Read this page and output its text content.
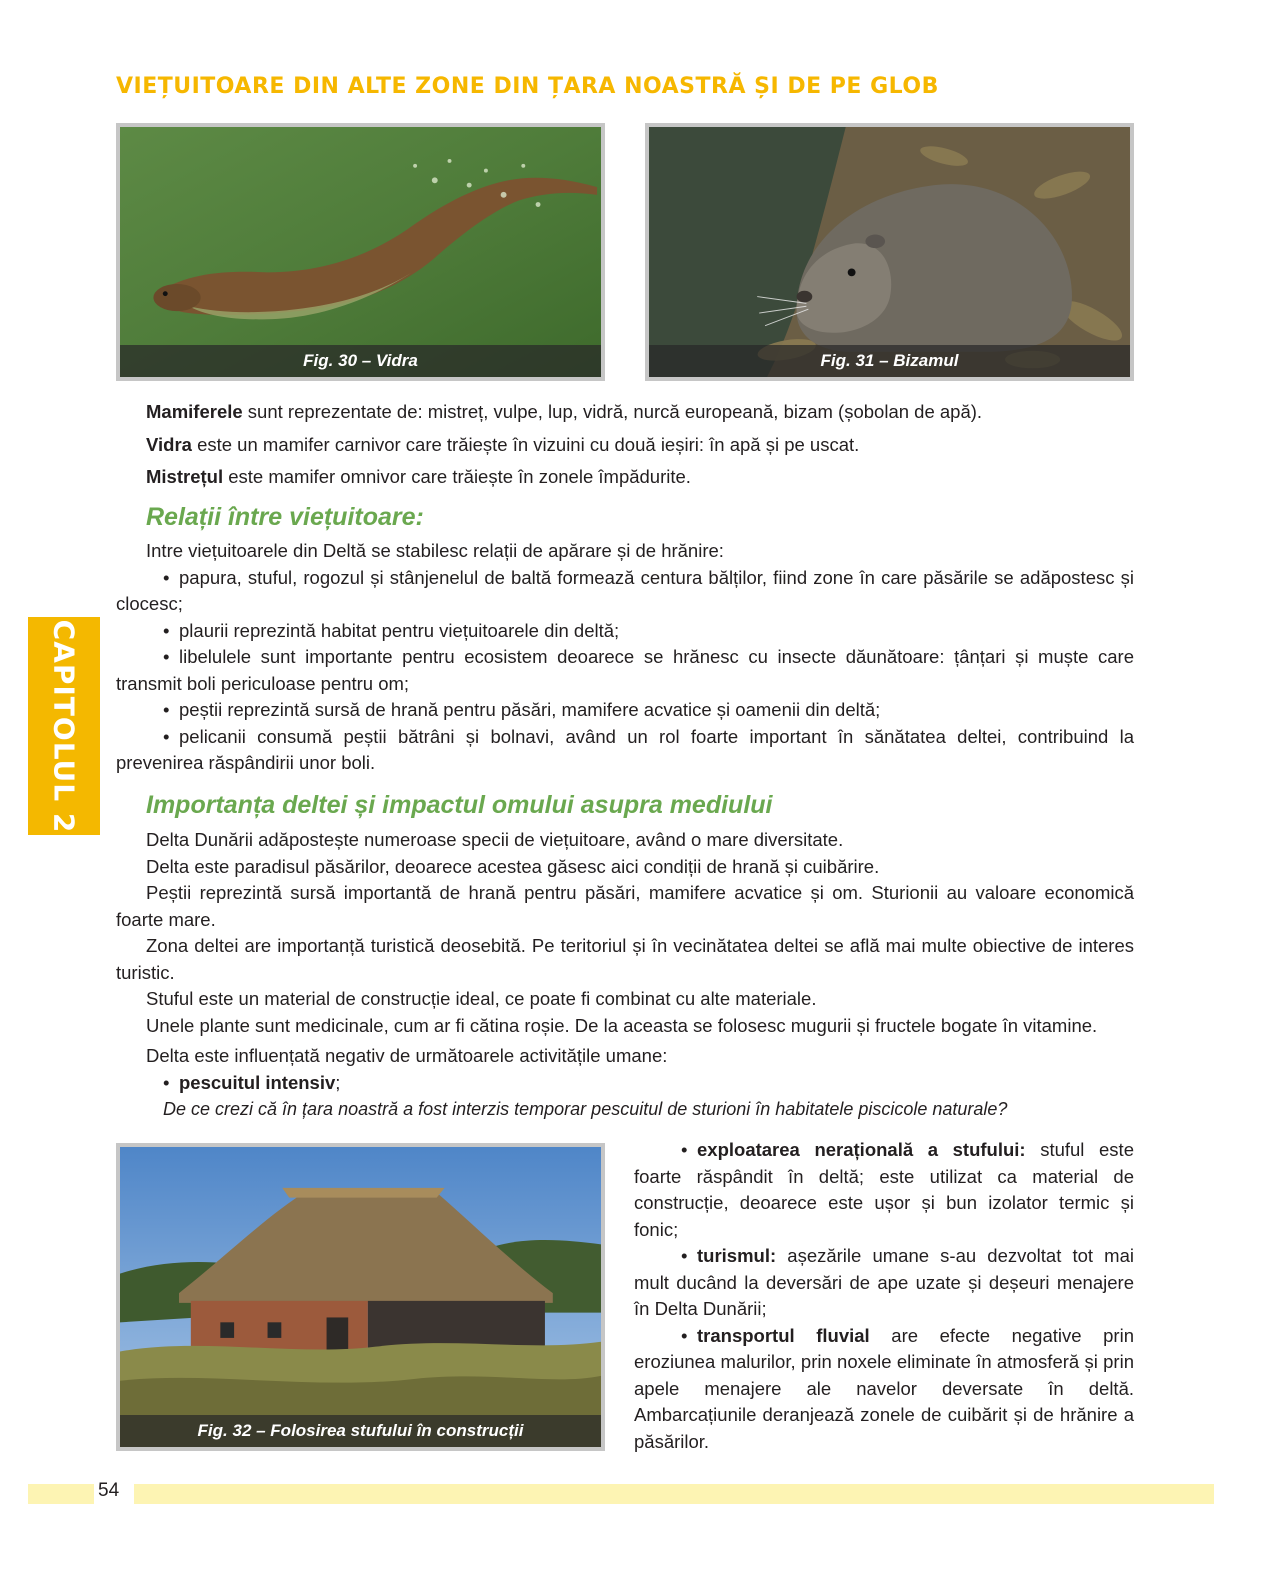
VIEȚUITOARE DIN ALTE ZONE DIN ȚARA NOASTRĂ ȘI DE PE GLOB
Fig. 30 – Vidra	Fig. 31 – Bizamul

Mamiferele sunt reprezentate de: mistreț, vulpe, lup, vidră, nurcă europeană, bizam (șobolan de apă).

Vidra este un mamifer carnivor care trăiește în vizuini cu două ieșiri: în apă și pe uscat.

Mistrețul este mamifer omnivor care trăiește în zonele împădurite.

Relații între viețuitoare:

Intre viețuitoarele din Deltă se stabilesc relații de apărare și de hrănire:

• papura, stuful, rogozul și stânjenelul de baltă formează centura bălților, fiind zone în care păsările se adăpostesc și clocesc;

• plaurii reprezintă habitat pentru viețuitoarele din deltă;

• libelulele sunt importante pentru ecosistem deoarece se hrănesc cu insecte dăunătoare: țânțari și muște care transmit boli periculoase pentru om;

• peștii reprezintă sursă de hrană pentru păsări, mamifere acvatice și oamenii din deltă;

• pelicanii consumă peștii bătrâni și bolnavi, având un rol foarte important în sănătatea deltei, contribuind la prevenirea răspândirii unor boli.

CAPITOLUL 2	Importanța deltei și impactul omului asupra mediului

Delta Dunării adăpostește numeroase specii de viețuitoare, având o mare diversitate.

Delta este paradisul păsărilor, deoarece acestea găsesc aici condiții de hrană și cuibărire.

Peștii reprezintă sursă importantă de hrană pentru păsări, mamifere acvatice și om. Sturionii au valoare economică foarte mare.

Zona deltei are importanță turistică deosebită. Pe teritoriul și în vecinătatea deltei se află mai multe obiective de interes turistic.

Stuful este un material de construcție ideal, ce poate fi combinat cu alte materiale.

Unele plante sunt medicinale, cum ar fi cătina roșie. De la aceasta se folosesc mugurii și fructele bogate în vitamine.

Delta este influențată negativ de următoarele activitățile umane:

• pescuitul intensiv;

De ce crezi că în țara noastră a fost interzis temporar pescuitul de sturioni în habitatele piscicole naturale?

Fig. 32 – Folosirea stufului în construcții

• exploatarea nerațională a stufului: stuful este foarte răspândit în deltă; este utilizat ca material de construcție, deoarece este ușor și bun izolator termic și fonic;

• turismul: așezările umane s-au dezvoltat tot mai mult ducând la deversări de ape uzate și deșeuri menajere în Delta Dunării;

• transportul fluvial are efecte negative prin eroziunea malurilor, prin noxele eliminate în atmosferă și prin apele menajere ale navelor deversate în deltă. Ambarcațiunile deranjează zonele de cuibărit și de hrănire a păsărilor.

54
